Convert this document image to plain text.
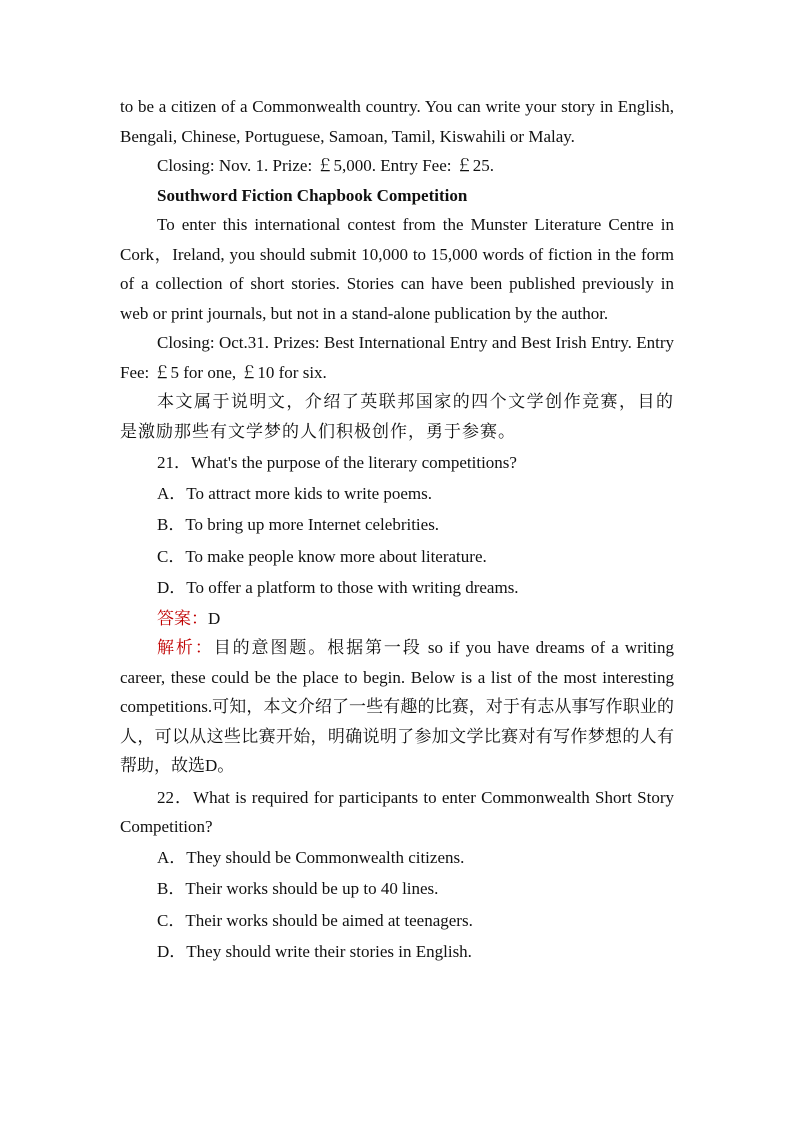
to be a citizen of a Commonwealth country. You can write your story in English, Bengali, Chinese, Portuguese, Samoan, Tamil, Kiswahili or Malay.

Closing: Nov. 1. Prize: ￡5,000. Entry Fee: ￡25.

Southword Fiction Chapbook Competition

To enter this international contest from the Munster Literature Centre in Cork，Ireland, you should submit 10,000 to 15,000 words of fiction in the form of a collection of short stories. Stories can have been published previously in web or print journals, but not in a stand-alone publication by the author.

Closing: Oct.31. Prizes: Best International Entry and Best Irish Entry. Entry Fee: ￡5 for one, ￡10 for six.

本文属于说明文，介绍了英联邦国家的四个文学创作竞赛，目的是激励那些有文学梦的人们积极创作，勇于参赛。

21．What's the purpose of the literary competitions?

A．To attract more kids to write poems.

B．To bring up more Internet celebrities.

C．To make people know more about literature.

D．To offer a platform to those with writing dreams.

答案：D

解析：目的意图题。根据第一段 so if you have dreams of a writing career, these could be the place to begin. Below is a list of the most interesting competitions.可知，本文介绍了一些有趣的比赛，对于有志从事写作职业的人，可以从这些比赛开始，明确说明了参加文学比赛对有写作梦想的人有帮助，故选D。

22．What is required for participants to enter Commonwealth Short Story Competition?

A．They should be Commonwealth citizens.

B．Their works should be up to 40 lines.

C．Their works should be aimed at teenagers.

D．They should write their stories in English.
